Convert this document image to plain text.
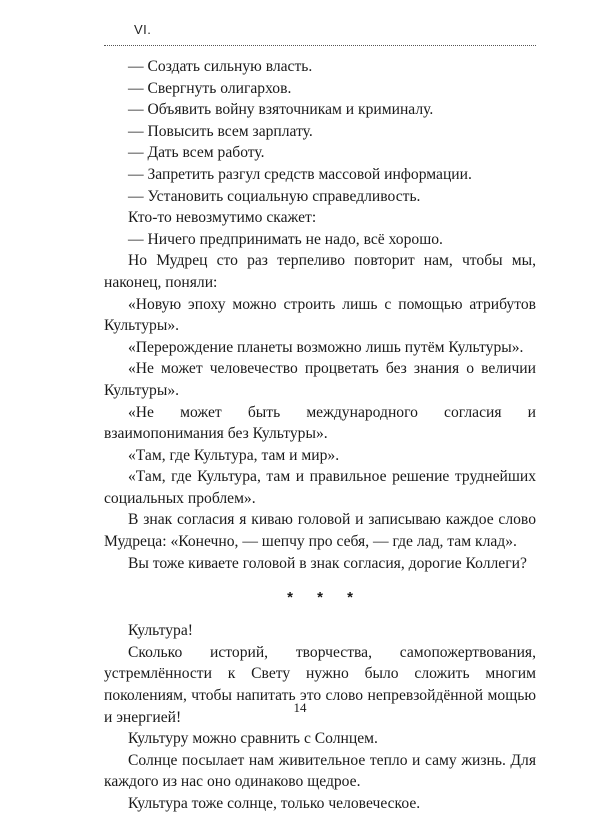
VI.

— Создать сильную власть.

— Свергнуть олигархов.

— Объявить войну взяточникам и криминалу.

— Повысить всем зарплату.

— Дать всем работу.

— Запретить разгул средств массовой информации.

— Установить социальную справедливость.

Кто-то невозмутимо скажет:

— Ничего предпринимать не надо, всё хорошо.

Но Мудрец сто раз терпеливо повторит нам, чтобы мы, наконец, поняли:

«Новую эпоху можно строить лишь с помощью атрибутов Культуры».

«Перерождение планеты возможно лишь путём Культуры».

«Не может человечество процветать без знания о величии Культуры».

«Не может быть международного согласия и взаимопонимания без Культуры».

«Там, где Культура, там и мир».

«Там, где Культура, там и правильное решение труднейших социальных проблем».

В знак согласия я киваю головой и записываю каждое слово Мудреца: «Конечно, — шепчу про себя, — где лад, там клад».

Вы тоже киваете головой в знак согласия, дорогие Коллеги?

* * *

Культура!

Сколько историй, творчества, самопожертвования, устремлённости к Свету нужно было сложить многим поколениям, чтобы напитать это слово непревзойдённой мощью и энергией!

Культуру можно сравнить с Солнцем.

Солнце посылает нам живительное тепло и саму жизнь. Для каждого из нас оно одинаково щедрое.

Культура тоже солнце, только человеческое.

14
